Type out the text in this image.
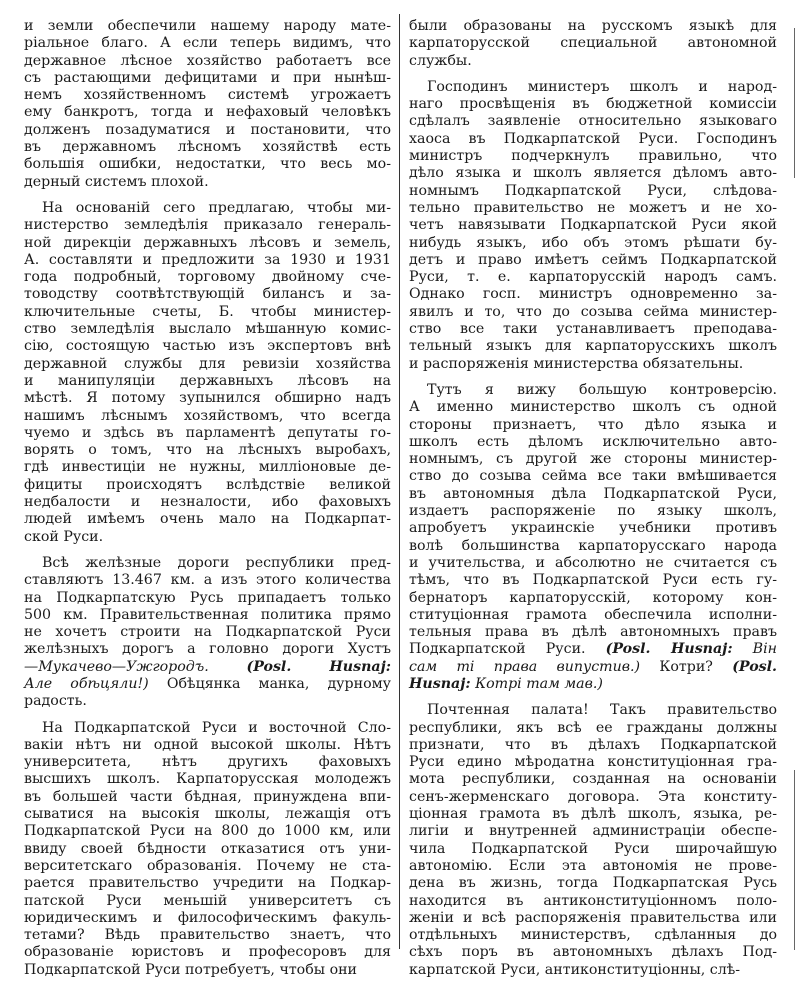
и земли обеспечили нашему народу мате-
ріальное благо. А если теперь видимъ, что
державное лѣсное хозяйство работаетъ все
съ растающими дефицитами и при нынѣш-
немъ хозяйственномъ системѣ угрожаетъ
ему банкротъ, тогда и нефаховый человѣкъ
долженъ позадуматися и постановити, что
въ державномъ лѣсномъ хозяйствѣ есть
большія ошибки, недостатки, что весь мо-
дерный системъ плохой.

На основаній сего предлагаю, чтобы ми-
нистерство земледѣлія приказало генераль-
ной дирекціи державныхъ лѣсовъ и земель,
А. составляти и предложити за 1930 и 1931
года подробный, торговому двойному сче-
товодству соотвѣтствующій билансъ и за-
ключительные счеты, Б. чтобы министер-
ство земледѣлія выслало мѣшанную комис-
сію, состоящую частью изъ экспертовъ внѣ
державной службы для ревизіи хозяйства
и манипуляціи державныхъ лѣсовъ на
мѣстѣ. Я потому зупынился обширно надъ
нашимъ лѣснымъ хозяйствомъ, что всегда
чуемо и здѣсь въ парламентѣ депутаты го-
ворять о томъ, что на лѣсныхъ выробахъ,
гдѣ инвестиціи не нужны, милліоновые де-
фициты происходятъ вслѣдствіе великой
недбалости и незналости, ибо фаховыхъ
людей имѣемъ очень мало на Подкарпат-
ской Руси.

Всѣ желѣзные дороги республики пред-
ставляютъ 13.467 км. а изъ этого количества
на Подкарпатскую Русь припадаетъ только
500 км. Правительственная политика прямо
не хочетъ строити на Подкарпатской Руси
желѣзныхъ дорогъ а головно дороги Хустъ
—Мукачево—Ужгородъ. (Posl. Husnaj:
Але обѣцяли!) Обѣцянка манка, дурному
радость.

На Подкарпатской Руси и восточной Сло-
вакіи нѣтъ ни одной высокой школы. Нѣтъ
университета, нѣтъ другихъ фаховыхъ
высшихъ школъ. Карпаторусская молодежъ
въ большей части бѣдная, принуждена впи-
сыватися на высокія школы, лежащія отъ
Подкарпатской Руси на 800 до 1000 км, или
ввиду своей бѣдности отказатися отъ уни-
верситетскаго образованія. Почему не ста-
рается правительство учредити на Подкар-
патской Руси меньшій университетъ съ
юридическимъ и философическимъ факуль-
тетами? Вѣдь правительство знаетъ, что
образованіе юристовъ и професоровъ для
Подкарпатской Руси потребуетъ, чтобы они

были образованы на русскомъ языкѣ для
карпаторусской специальной автономной
службы.

Господинъ министеръ школъ и народ-
наго просвѣщенія въ бюджетной комиссіи
сдѣлалъ заявленіе относительно языковаго
хаоса въ Подкарпатской Руси. Господинъ
министръ подчеркнулъ правильно, что
дѣло языка и школъ является дѣломъ авто-
номнымъ Подкарпатской Руси, слѣдова-
тельно правительство не можетъ и не хо-
четъ навязывати Подкарпатской Руси якой
нибудь языкъ, ибо объ этомъ рѣшати бу-
детъ и право имѣетъ сеймъ Подкарпатской
Руси, т. е. карпаторусскій народъ самъ.
Однако госп. министръ одновременно за-
явилъ и то, что до созыва сейма министер-
ство все таки устанавливаетъ преподава-
тельный языкъ для карпаторусскихъ школъ
и распоряженія министерства обязательны.

Тутъ я вижу большую контроверсію.
А именно министерство школъ съ одной
стороны признаетъ, что дѣло языка и
школъ есть дѣломъ исключительно авто-
номнымъ, съ другой же стороны министер-
ство до созыва сейма все таки вмѣшивается
въ автономныя дѣла Подкарпатской Руси,
издаетъ распоряженіе по языку школъ,
апробуетъ украинскіе учебники противъ
волѣ большинства карпаторусскаго народа
и учительства, и абсолютно не считается съ
тѣмъ, что въ Подкарпатской Руси есть гу-
бернаторъ карпаторусскій, которому кон-
ституціонная грамота обеспечила исполни-
тельныя права въ дѣлѣ автономныхъ правъ
Подкарпатской Руси. (Posl. Husnaj: Він
сам ті права випустив.) Котри? (Posl.
Husnaj: Котрі там мав.)

Почтенная палата! Такъ правительство
республики, якъ всѣ ее гражданы должны
признати, что въ дѣлахъ Подкарпатской
Руси едино мѣродатна конституціонная гра-
мота республики, созданная на основаніи
сенъ-жерменскаго договора. Эта конститу-
ціонная грамота въ дѣлѣ школъ, языка, ре-
лигіи и внутренней администраціи обеспе-
чила Подкарпатской Руси широчайшую
автономію. Если эта автономія не прове-
дена въ жизнь, тогда Подкарпатская Русь
находится въ антиконституціонномъ поло-
женіи и всѣ распоряженія правительства или
отдѣльныхъ министерствъ, сдѣланныя до
сѣхъ поръ въ автономныхъ дѣлахъ Под-
карпатской Руси, антиконституціонны, слѣ-
